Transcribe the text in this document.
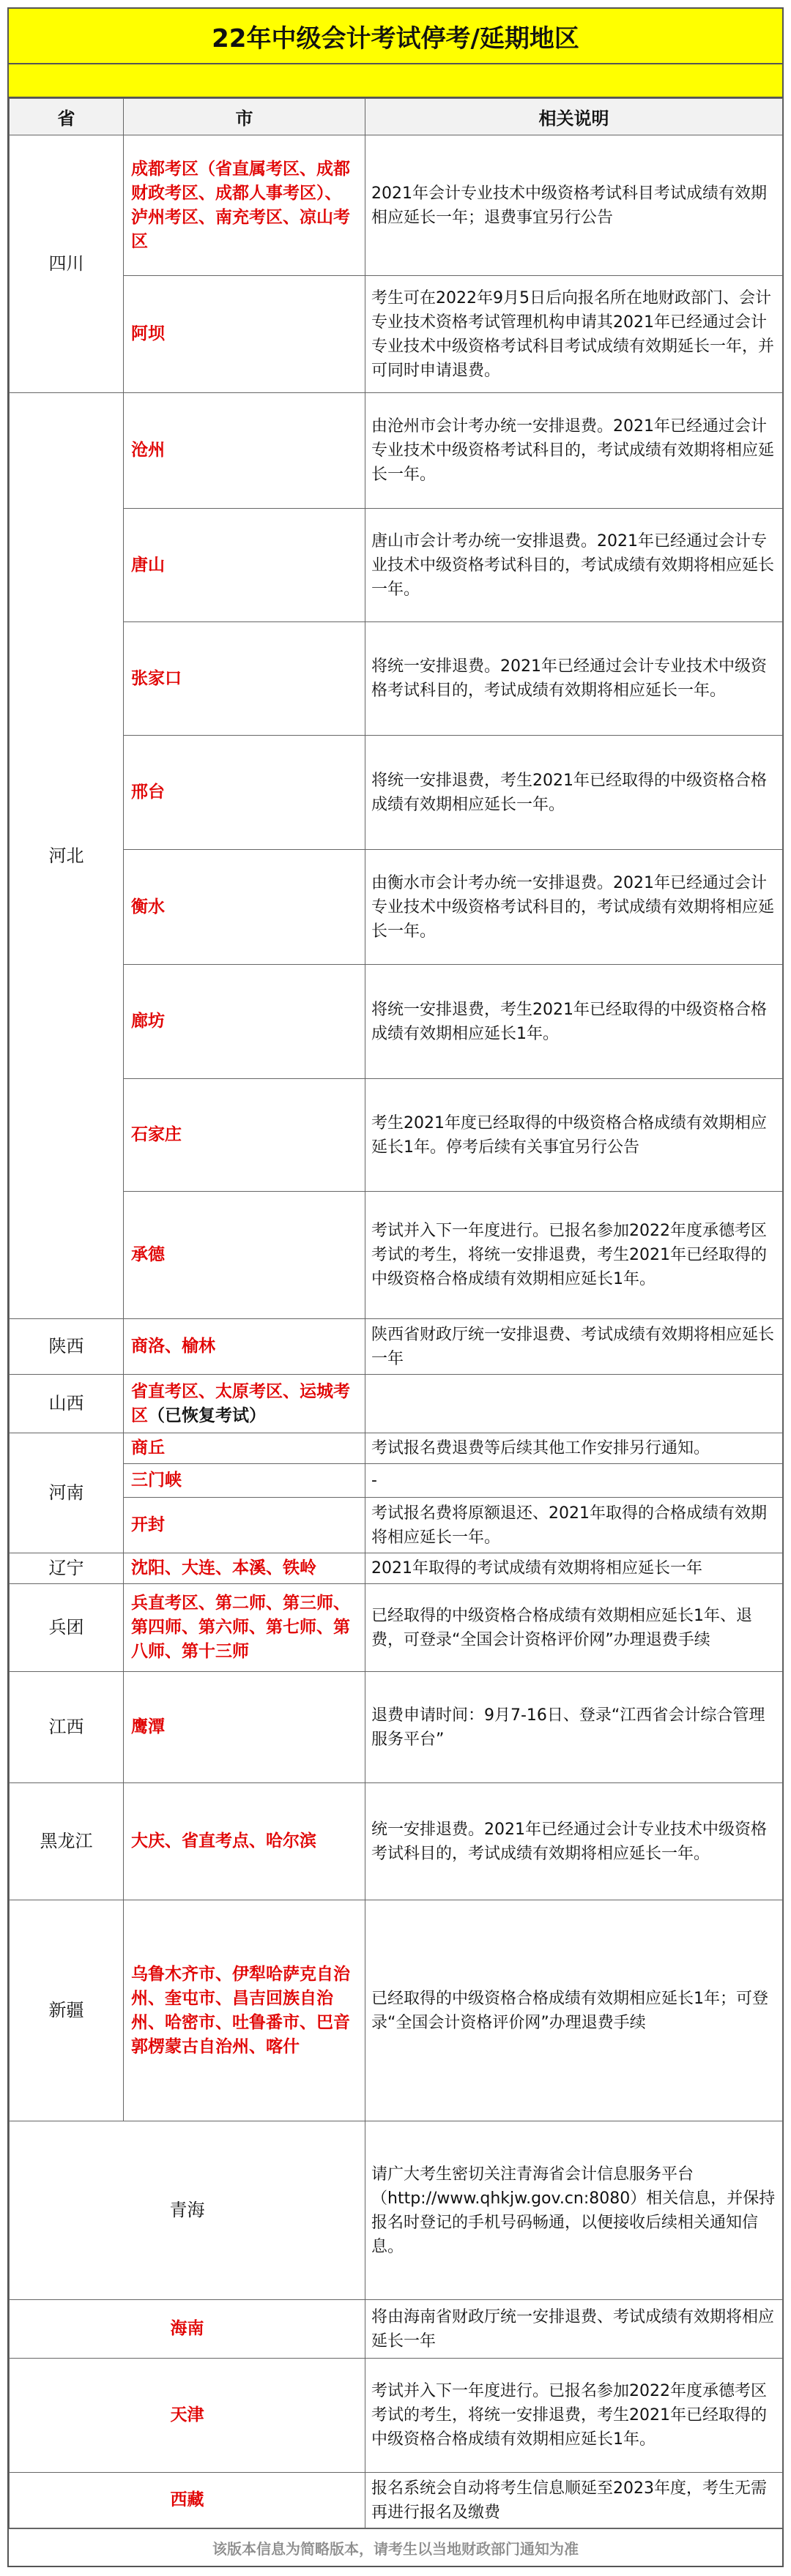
22年中级会计考试停考/延期地区
省	市	相关说明
四川	成都考区（省直属考区、成都财政考区、成都人事考区）、泸州考区、南充考区、凉山考区	2021年会计专业技术中级资格考试科目考试成绩有效期相应延长一年；退费事宜另行公告
	阿坝	考生可在2022年9月5日后向报名所在地财政部门、会计专业技术资格考试管理机构申请其2021年已经通过会计专业技术中级资格考试科目考试成绩有效期延长一年，并可同时申请退费。
河北	沧州	由沧州市会计考办统一安排退费。2021年已经通过会计专业技术中级资格考试科目的，考试成绩有效期将相应延长一年。
	唐山	唐山市会计考办统一安排退费。2021年已经通过会计专业技术中级资格考试科目的，考试成绩有效期将相应延长一年。
	张家口	将统一安排退费。2021年已经通过会计专业技术中级资格考试科目的，考试成绩有效期将相应延长一年。
	邢台	将统一安排退费，考生2021年已经取得的中级资格合格成绩有效期相应延长一年。
	衡水	由衡水市会计考办统一安排退费。2021年已经通过会计专业技术中级资格考试科目的，考试成绩有效期将相应延长一年。
	廊坊	将统一安排退费，考生2021年已经取得的中级资格合格成绩有效期相应延长1年。
	石家庄	考生2021年度已经取得的中级资格合格成绩有效期相应延长1年。停考后续有关事宜另行公告
	承德	考试并入下一年度进行。已报名参加2022年度承德考区考试的考生，将统一安排退费，考生2021年已经取得的中级资格合格成绩有效期相应延长1年。
陕西	商洛、榆林	陕西省财政厅统一安排退费、考试成绩有效期将相应延长一年
山西	省直考区、太原考区、运城考区（已恢复考试）	
河南	商丘	考试报名费退费等后续其他工作安排另行通知。
	三门峡	-
	开封	考试报名费将原额退还、2021年取得的合格成绩有效期将相应延长一年。
辽宁	沈阳、大连、本溪、铁岭	2021年取得的考试成绩有效期将相应延长一年
兵团	兵直考区、第二师、第三师、第四师、第六师、第七师、第八师、第十三师	已经取得的中级资格合格成绩有效期相应延长1年、退费，可登录“全国会计资格评价网”办理退费手续
江西	鹰潭	退费申请时间：9月7-16日、登录“江西省会计综合管理服务平台”
黑龙江	大庆、省直考点、哈尔滨	统一安排退费。2021年已经通过会计专业技术中级资格考试科目的，考试成绩有效期将相应延长一年。
新疆	乌鲁木齐市、伊犁哈萨克自治州、奎屯市、昌吉回族自治州、哈密市、吐鲁番市、巴音郭楞蒙古自治州、喀什	已经取得的中级资格合格成绩有效期相应延长1年；可登录“全国会计资格评价网”办理退费手续
青海		请广大考生密切关注青海省会计信息服务平台（http://www.qhkjw.gov.cn:8080）相关信息，并保持报名时登记的手机号码畅通，以便接收后续相关通知信息。
海南		将由海南省财政厅统一安排退费、考试成绩有效期将相应延长一年
天津		考试并入下一年度进行。已报名参加2022年度承德考区考试的考生，将统一安排退费，考生2021年已经取得的中级资格合格成绩有效期相应延长1年。
西藏		报名系统会自动将考生信息顺延至2023年度，考生无需再进行报名及缴费
该版本信息为简略版本，请考生以当地财政部门通知为准
